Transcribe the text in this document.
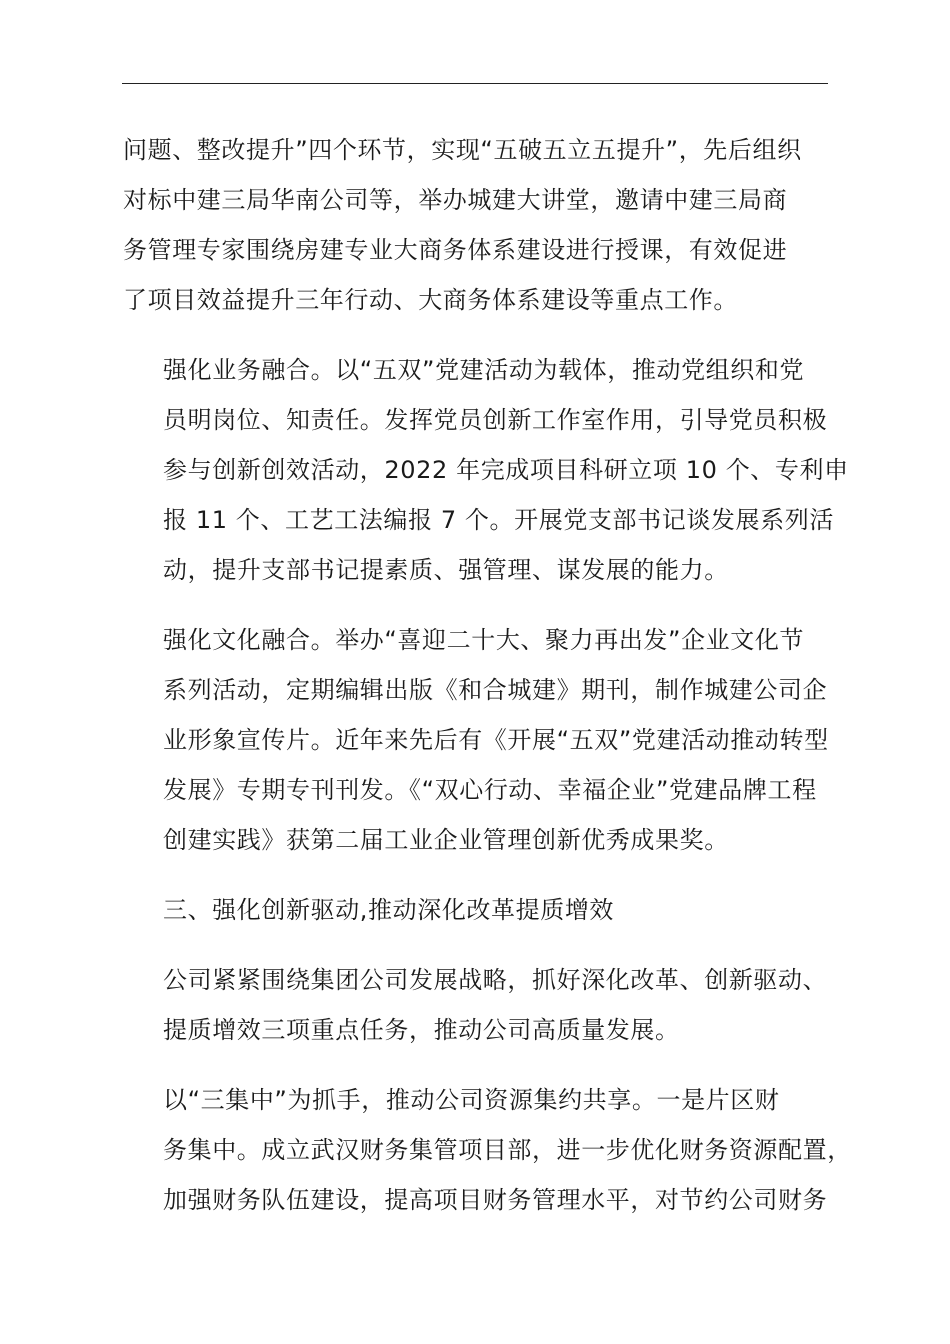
问题、整改提升”四个环节，实现“五破五立五提升”，先后组织
对标中建三局华南公司等，举办城建大讲堂，邀请中建三局商
务管理专家围绕房建专业大商务体系建设进行授课，有效促进
了项目效益提升三年行动、大商务体系建设等重点工作。

强化业务融合。以“五双”党建活动为载体，推动党组织和党
员明岗位、知责任。发挥党员创新工作室作用，引导党员积极
参与创新创效活动，2022 年完成项目科研立项 10 个、专利申
报 11 个、工艺工法编报 7 个。开展党支部书记谈发展系列活
动，提升支部书记提素质、强管理、谋发展的能力。

强化文化融合。举办“喜迎二十大、聚力再出发”企业文化节
系列活动，定期编辑出版《和合城建》期刊，制作城建公司企
业形象宣传片。近年来先后有《开展“五双”党建活动推动转型
发展》专期专刊刊发。《“双心行动、幸福企业”党建品牌工程
创建实践》获第二届工业企业管理创新优秀成果奖。

三、强化创新驱动,推动深化改革提质增效

公司紧紧围绕集团公司发展战略，抓好深化改革、创新驱动、
提质增效三项重点任务，推动公司高质量发展。

以“三集中”为抓手，推动公司资源集约共享。一是片区财
务集中。成立武汉财务集管项目部，进一步优化财务资源配置，
加强财务队伍建设，提高项目财务管理水平，对节约公司财务
